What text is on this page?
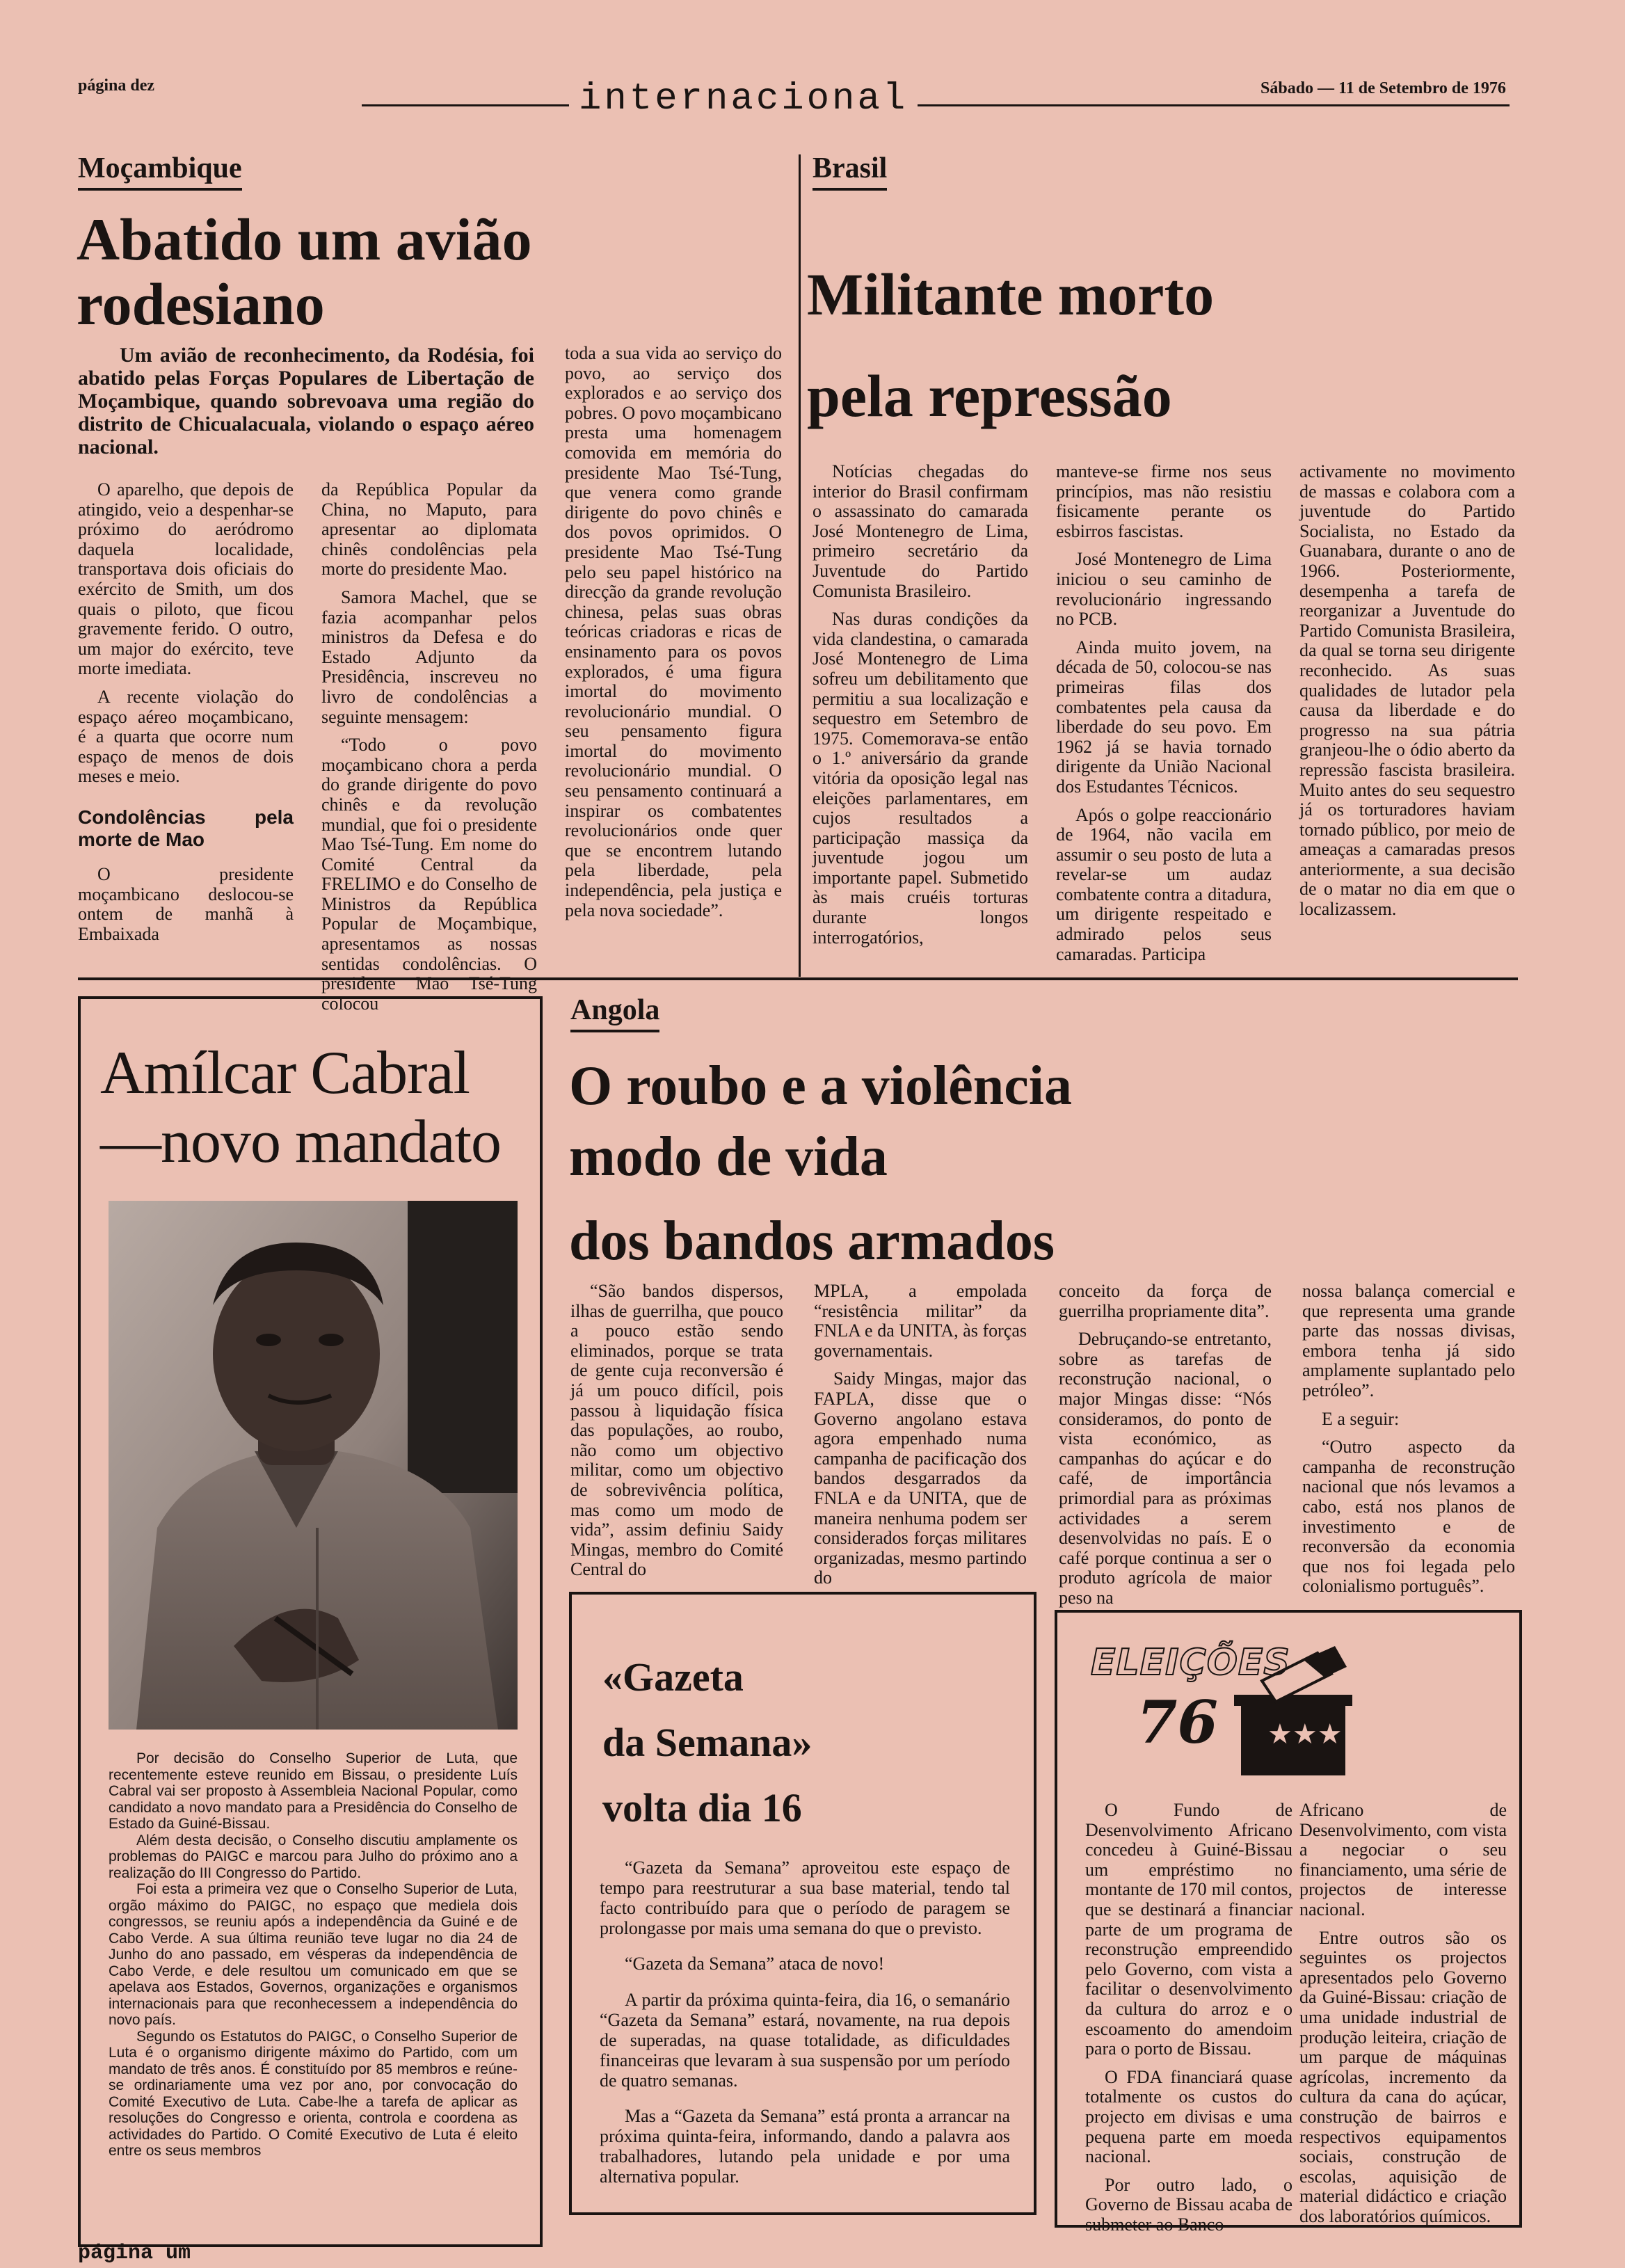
página dez	internacional	Sábado — 11 de Setembro de 1976
Moçambique
Abatido um avião
rodesiano

Um avião de reconhecimento, da Rodésia, foi abatido pelas Forças Populares de Libertação de Moçambique, quando sobrevoava uma região do distrito de Chicualacuala, violando o espaço aéreo nacional.

O aparelho, que depois de atingido, veio a despenhar-se próximo do aeródromo daquela localidade, transportava dois oficiais do exército de Smith, um dos quais o piloto, que ficou gravemente ferido. O outro, um major do exército, teve morte imediata.

A recente violação do espaço aéreo moçambicano, é a quarta que ocorre num espaço de menos de dois meses e meio.

Condolências pela morte de Mao

O presidente moçambicano deslocou-se ontem de manhã à Embaixada

da República Popular da China, no Maputo, para apresentar ao diplomata chinês condolências pela morte do presidente Mao.

Samora Machel, que se fazia acompanhar pelos ministros da Defesa e do Estado Adjunto da Presidência, inscreveu no livro de condolências a seguinte mensagem:

“Todo o povo moçambicano chora a perda do grande dirigente do povo chinês e da revolução mundial, que foi o presidente Mao Tsé-Tung. Em nome do Comité Central da FRELIMO e do Conselho de Ministros da República Popular de Moçambique, apresentamos as nossas sentidas condolências. O presidente Mao Tsé-Tung colocou

toda a sua vida ao serviço do povo, ao serviço dos explorados e ao serviço dos pobres. O povo moçambicano presta uma homenagem comovida em memória do presidente Mao Tsé-Tung, que venera como grande dirigente do povo chinês e dos povos oprimidos. O presidente Mao Tsé-Tung pelo seu papel histórico na direcção da grande revolução chinesa, pelas suas obras teóricas criadoras e ricas de ensinamento para os povos explorados, é uma figura imortal do movimento revolucionário mundial. O seu pensamento figura imortal do movimento revolucionário mundial. O seu pensamento continuará a inspirar os combatentes revolucionários onde quer que se encontrem lutando pela liberdade, pela independência, pela justiça e pela nova sociedade”.

Brasil
Militante morto
pela repressão

Notícias chegadas do interior do Brasil confirmam o assassinato do camarada José Montenegro de Lima, primeiro secretário da Juventude do Partido Comunista Brasileiro.

Nas duras condições da vida clandestina, o camarada José Montenegro de Lima sofreu um debilitamento que permitiu a sua localização e sequestro em Setembro de 1975. Comemorava-se então o 1.º aniversário da grande vitória da oposição legal nas eleições parlamentares, em cujos resultados a participação massiça da juventude jogou um importante papel. Submetido às mais cruéis torturas durante longos interrogatórios,

manteve-se firme nos seus princípios, mas não resistiu fisicamente perante os esbirros fascistas.

José Montenegro de Lima iniciou o seu caminho de revolucionário ingressando no PCB.

Ainda muito jovem, na década de 50, colocou-se nas primeiras filas dos combatentes pela causa da liberdade do seu povo. Em 1962 já se havia tornado dirigente da União Nacional dos Estudantes Técnicos.

Após o golpe reaccionário de 1964, não vacila em assumir o seu posto de luta a revelar-se um audaz combatente contra a ditadura, um dirigente respeitado e admirado pelos seus camaradas. Participa

activamente no movimento de massas e colabora com a juventude do Partido Socialista, no Estado da Guanabara, durante o ano de 1966. Posteriormente, desempenha a tarefa de reorganizar a Juventude do Partido Comunista Brasileira, da qual se torna seu dirigente reconhecido. As suas qualidades de lutador pela causa da liberdade e do progresso na sua pátria granjeou-lhe o ódio aberto da repressão fascista brasileira. Muito antes do seu sequestro já os torturadores haviam tornado público, por meio de ameaças a camaradas presos anteriormente, a sua decisão de o matar no dia em que o localizassem.

Amílcar Cabral
—novo mandato

Por decisão do Conselho Superior de Luta, que recentemente esteve reunido em Bissau, o presidente Luís Cabral vai ser proposto à Assembleia Nacional Popular, como candidato a novo mandato para a Presidência do Conselho de Estado da Guiné-Bissau.

Além desta decisão, o Conselho discutiu amplamente os problemas do PAIGC e marcou para Julho do próximo ano a realização do III Congresso do Partido.

Foi esta a primeira vez que o Conselho Superior de Luta, orgão máximo do PAIGC, no espaço que mediela dois congressos, se reuniu após a independência da Guiné e de Cabo Verde. A sua última reunião teve lugar no dia 24 de Junho do ano passado, em vésperas da independência de Cabo Verde, e dele resultou um comunicado em que se apelava aos Estados, Governos, organizações e organismos internacionais para que reconhecessem a independência do novo país.

Segundo os Estatutos do PAIGC, o Conselho Superior de Luta é o organismo dirigente máximo do Partido, com um mandato de três anos. É constituído por 85 membros e reúne-se ordinariamente uma vez por ano, por convocação do Comité Executivo de Luta. Cabe-lhe a tarefa de aplicar as resoluções do Congresso e orienta, controla e coordena as actividades do Partido. O Comité Executivo de Luta é eleito entre os seus membros

Angola
O roubo e a violência
modo de vida
dos bandos armados

“São bandos dispersos, ilhas de guerrilha, que pouco a pouco estão sendo eliminados, porque se trata de gente cuja reconversão é já um pouco difícil, pois passou à liquidação física das populações, ao roubo, não como um objectivo militar, como um objectivo de sobrevivência política, mas como um modo de vida”, assim definiu Saidy Mingas, membro do Comité Central do

MPLA, a empolada “resistência militar” da FNLA e da UNITA, às forças governamentais.

Saidy Mingas, major das FAPLA, disse que o Governo angolano estava agora empenhado numa campanha de pacificação dos bandos desgarrados da FNLA e da UNITA, que de maneira nenhuma podem ser considerados forças militares organizadas, mesmo partindo do

conceito da força de guerrilha propriamente dita”.

Debruçando-se entretanto, sobre as tarefas de reconstrução nacional, o major Mingas disse: “Nós consideramos, do ponto de vista económico, as campanhas do açúcar e do café, de importância primordial para as próximas actividades a serem desenvolvidas no país. E o café porque continua a ser o produto agrícola de maior peso na

nossa balança comercial e que representa uma grande parte das nossas divisas, embora tenha já sido amplamente suplantado pelo petróleo”.

E a seguir:

“Outro aspecto da campanha de reconstrução nacional que nós levamos a cabo, está nos planos de investimento e de reconversão da economia que nos foi legada pelo colonialismo português”.

«Gazeta
da Semana»
volta dia 16

“Gazeta da Semana” aproveitou este espaço de tempo para reestruturar a sua base material, tendo tal facto contribuído para que o período de paragem se prolongasse por mais uma semana do que o previsto.

“Gazeta da Semana” ataca de novo!

A partir da próxima quinta-feira, dia 16, o semanário “Gazeta da Semana” estará, novamente, na rua depois de superadas, na quase totalidade, as dificuldades financeiras que levaram à sua suspensão por um período de quatro semanas.

Mas a “Gazeta da Semana” está pronta a arrancar na próxima quinta-feira, informando, dando a palavra aos trabalhadores, lutando pela unidade e por uma alternativa popular.

★★★
ELEIÇÕES
76

O Fundo de Desenvolvimento Africano concedeu à Guiné-Bissau um empréstimo no montante de 170 mil contos, que se destinará a financiar parte de um programa de reconstrução empreendido pelo Governo, com vista a facilitar o desenvolvimento da cultura do arroz e o escoamento do amendoim para o porto de Bissau.

O FDA financiará quase totalmente os custos do projecto em divisas e uma pequena parte em moeda nacional.

Por outro lado, o Governo de Bissau acaba de submeter ao Banco

Africano de Desenvolvimento, com vista a negociar o seu financiamento, uma série de projectos de interesse nacional.

Entre outros são os seguintes os projectos apresentados pelo Governo da Guiné-Bissau: criação de uma unidade industrial de produção leiteira, criação de um parque de máquinas agrícolas, incremento da cultura da cana do açúcar, construção de bairros e respectivos equipamentos sociais, construção de escolas, aquisição de material didáctico e criação dos laboratórios químicos.

página um
